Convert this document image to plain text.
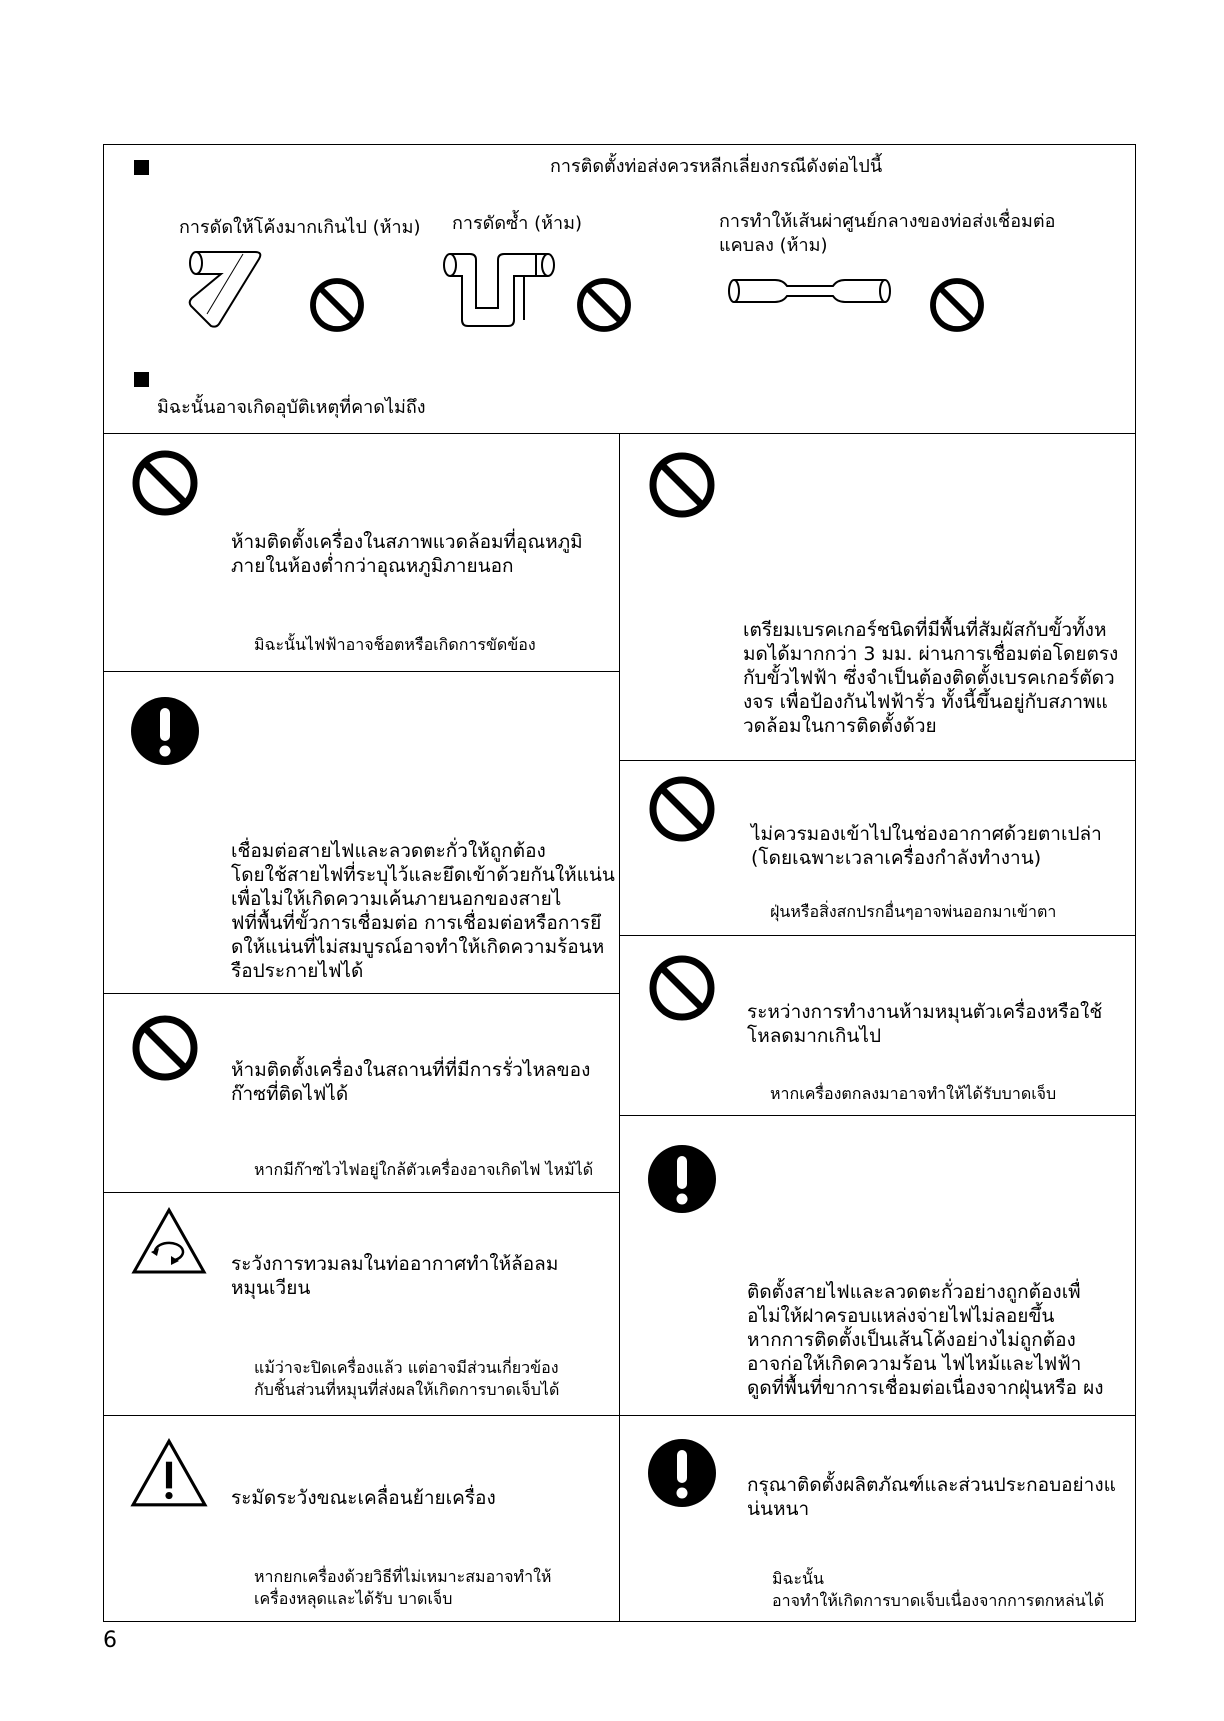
การติดตั้งท่อส่งควรหลีกเลี่ยงกรณีดังต่อไปนี้
การดัดให้โค้งมากเกินไป (ห้าม) การดัดซ้ำ (ห้าม)	การทำให้เส้นผ่าศูนย์กลางของท่อส่งเชื่อมต่อ
แคบลง (ห้าม)
มิฉะนั้นอาจเกิดอุบัติเหตุที่คาดไม่ถึง
ห้ามติดตั้งเครื่องในสภาพแวดล้อมที่อุณหภูมิ
ภายในห้องต่ำกว่าอุณหภูมิภายนอก
มิฉะนั้นไฟฟ้าอาจช็อตหรือเกิดการขัดข้อง
เชื่อมต่อสายไฟและลวดตะกั่วให้ถูกต้อง
โดยใช้สายไฟที่ระบุไว้และยึดเข้าด้วยกันให้แน่น
เพื่อไม่ให้เกิดความเค้นภายนอกของสายไ
ฟที่พื้นที่ขั้วการเชื่อมต่อ การเชื่อมต่อหรือการยึ
ดให้แน่นที่ไม่สมบูรณ์อาจทำให้เกิดความร้อนห
รือประกายไฟได้
ห้ามติดตั้งเครื่องในสถานที่ที่มีการรั่วไหลของ
ก๊าซที่ติดไฟได้
หากมีก๊าซไวไฟอยู่ใกล้ตัวเครื่องอาจเกิดไฟ ไหม้ได้
ระวังการทวมลมในท่ออากาศทำให้ล้อลม
หมุนเวียน
แม้ว่าจะปิดเครื่องแล้ว แต่อาจมีส่วนเกี่ยวข้อง
กับชิ้นส่วนที่หมุนที่ส่งผลให้เกิดการบาดเจ็บได้
ระมัดระวังขณะเคลื่อนย้ายเครื่อง
หากยกเครื่องด้วยวิธีที่ไม่เหมาะสมอาจทำให้
เครื่องหลุดและได้รับ บาดเจ็บ
เตรียมเบรคเกอร์ชนิดที่มีพื้นที่สัมผัสกับขั้วทั้งห
มดได้มากกว่า 3 มม. ผ่านการเชื่อมต่อโดยตรง
กับขั้วไฟฟ้า ซึ่งจำเป็นต้องติดตั้งเบรคเกอร์ตัดว
งจร เพื่อป้องกันไฟฟ้ารั่ว ทั้งนี้ขึ้นอยู่กับสภาพแ
วดล้อมในการติดตั้งด้วย
ไม่ควรมองเข้าไปในช่องอากาศด้วยตาเปล่า
(โดยเฉพาะเวลาเครื่องกำลังทำงาน)
ฝุ่นหรือสิ่งสกปรกอื่นๆอาจพ่นออกมาเข้าตา
ระหว่างการทำงานห้ามหมุนตัวเครื่องหรือใช้
โหลดมากเกินไป
หากเครื่องตกลงมาอาจทำให้ได้รับบาดเจ็บ
ติดตั้งสายไฟและลวดตะกั่วอย่างถูกต้องเพื่
อไม่ให้ฝาครอบแหล่งจ่ายไฟไม่ลอยขึ้น
หากการติดตั้งเป็นเส้นโค้งอย่างไม่ถูกต้อง
อาจก่อให้เกิดความร้อน ไฟไหม้และไฟฟ้า
ดูดที่พื้นที่ขาการเชื่อมต่อเนื่องจากฝุ่นหรือ ผง
กรุณาติดตั้งผลิตภัณฑ์และส่วนประกอบอย่างแ
น่นหนา
มิฉะนั้น
อาจทำให้เกิดการบาดเจ็บเนื่องจากการตกหล่นได้
6
